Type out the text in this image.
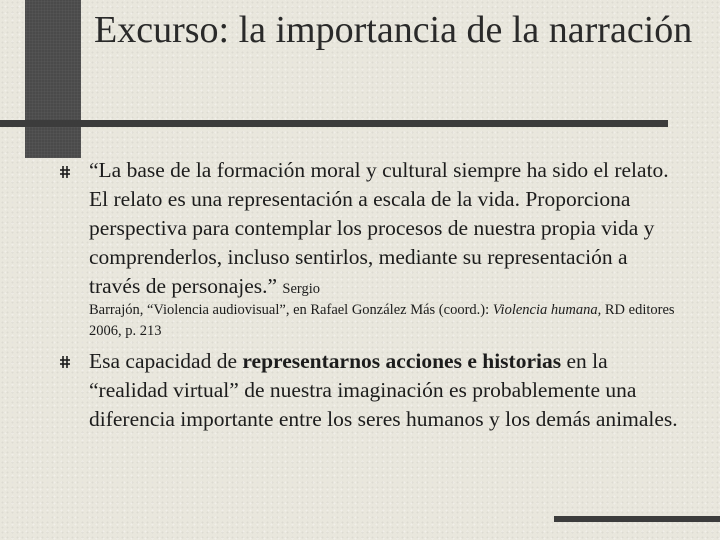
Excurso: la importancia de la narración

“La base de la formación moral y cultural siempre ha sido el relato. El relato es una representación a escala de la vida. Proporciona perspectiva para contemplar los procesos de nuestra propia vida y comprenderlos, incluso sentirlos, mediante su representación a través de personajes.” Sergio

Barrajón, “Violencia audiovisual”, en Rafael González Más (coord.): Violencia humana, RD editores 2006, p. 213

Esa capacidad de representarnos acciones e historias en la “realidad virtual” de nuestra imaginación es probablemente una diferencia importante entre los seres humanos y los demás animales.
